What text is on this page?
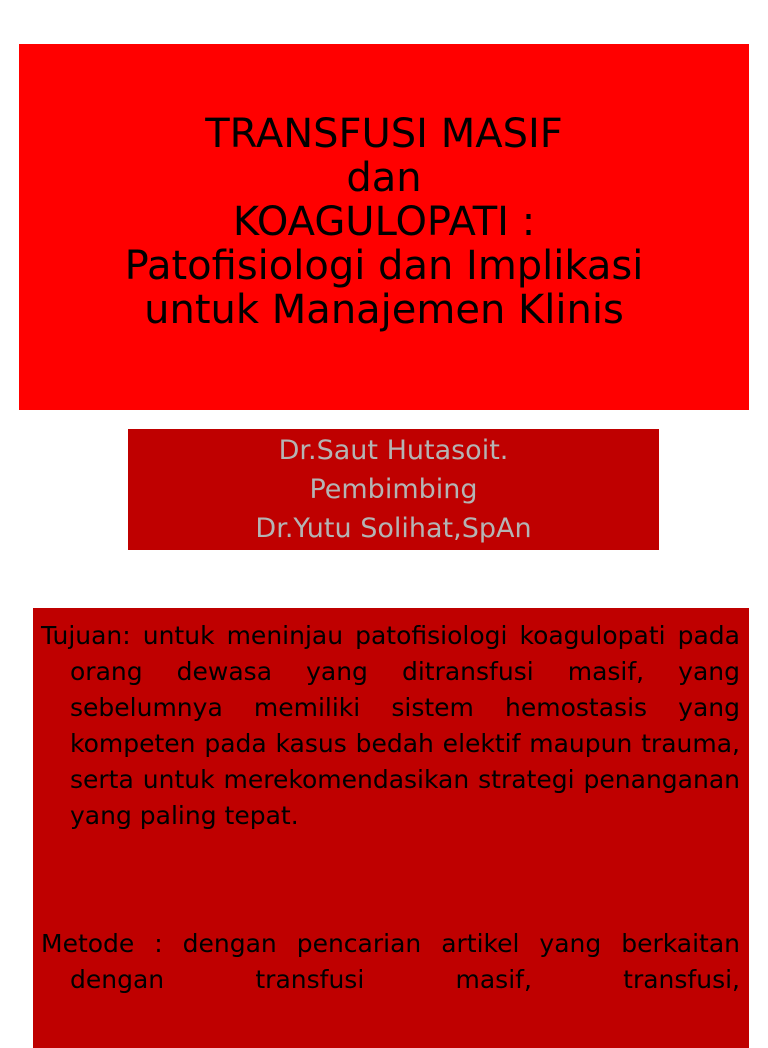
TRANSFUSI MASIF
dan
KOAGULOPATI :
Patofisiologi dan Implikasi
untuk Manajemen Klinis
Dr.Saut Hutasoit.
Pembimbing
Dr.Yutu Solihat,SpAn

Tujuan: untuk meninjau patofisiologi koagulopati pada orang dewasa yang ditransfusi masif, yang sebelumnya memiliki sistem hemostasis yang kompeten pada kasus bedah elektif maupun trauma, serta untuk merekomendasikan strategi penanganan yang paling tepat.

Metode : dengan pencarian artikel yang berkaitan dengan transfusi masif, transfusi,
